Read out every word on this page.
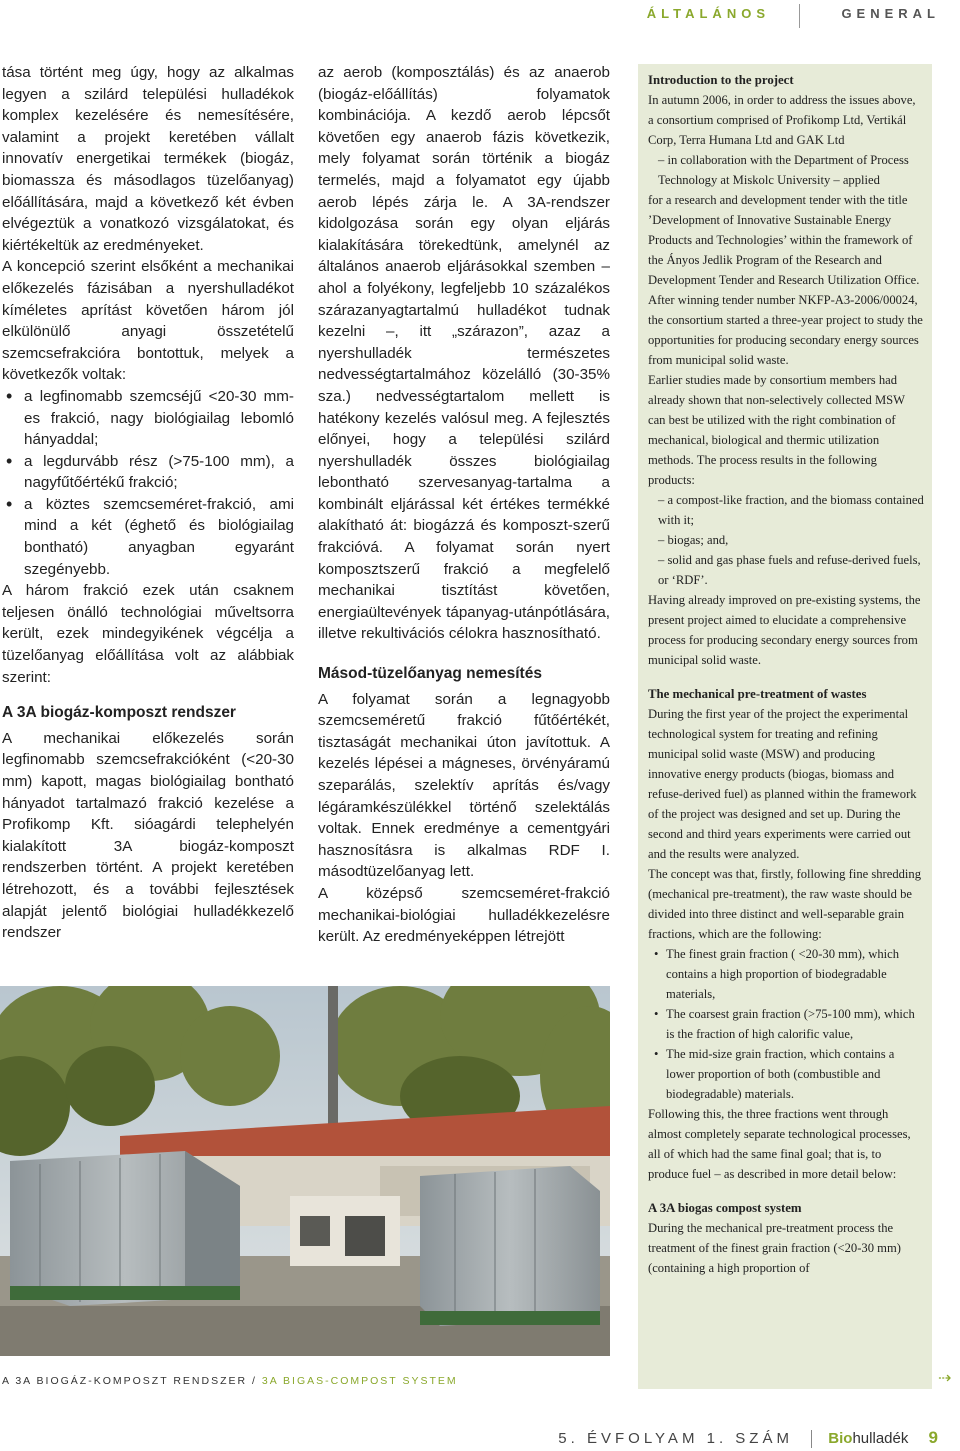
ÁLTALÁNOS	GENERAL

tása történt meg úgy, hogy az alkalmas legyen a szilárd települési hulladékok komplex kezelésére és nemesítésére, valamint a projekt keretében vállalt innovatív energetikai termékek (biogáz, biomassza és másodlagos tüzelőanyag) előállítására, majd a következő két évben elvégeztük a vonatkozó vizsgálatokat, és kiértékeltük az eredményeket.

A koncepció szerint elsőként a mechanikai előkezelés fázisában a nyershulladékot kíméletes aprítást követően három jól elkülönülő anyagi összetételű szemcsefrakcióra bontottuk, melyek a következők voltak:

• a legfinomabb szemcséjű <20-30 mm-es frakció, nagy biológiailag lebomló hányaddal;
• a legdurvább rész (>75-100 mm), a nagyfűtőértékű frakció;
• a köztes szemcseméret-frakció, ami mind a két (éghető és biológiailag bontható) anyagban egyaránt szegényebb.

A három frakció ezek után csaknem teljesen önálló technológiai műveltsorra került, ezek mindegyikének végcélja a tüzelőanyag előállítása volt az alábbiak szerint:

A 3A biogáz-komposzt rendszer

A mechanikai előkezelés során legfinomabb szemcsefrakcióként (<20-30 mm) kapott, magas biológiailag bontható hányadot tartalmazó frakció kezelése a Profikomp Kft. sióagárdi telephelyén kialakított 3A biogáz-komposzt rendszerben történt. A projekt keretében létrehozott, és a további fejlesztések alapját jelentő biológiai hulladékkezelő rendszer

az aerob (komposztálás) és az anaerob (biogáz-előállítás) folyamatok kombinációja. A kezdő aerob lépcsőt követően egy anaerob fázis következik, mely folyamat során történik a biogáz termelés, majd a folyamatot egy újabb aerob lépés zárja le. A 3A-rendszer kidolgozása során egy olyan eljárás kialakítására törekedtünk, amelynél az általános anaerob eljárásokkal szemben – ahol a folyékony, legfeljebb 10 százalékos szárazanyagtartalmú hulladékot tudnak kezelni –, itt „szárazon”, azaz a nyershulladék természetes nedvességtartalmához közelálló (30-35% sza.) nedvességtartalom mellett is hatékony kezelés valósul meg. A fejlesztés előnyei, hogy a települési szilárd nyershulladék összes biológiailag lebontható szervesanyag-tartalma a kombinált eljárással két értékes termékké alakítható át: biogázzá és komposzt-szerű frakcióvá. A folyamat során nyert komposztszerű frakció a megfelelő mechanikai tisztítást követően, energiaültevények tápanyag-utánpótlására, illetve rekultivációs célokra hasznosítható.

Másod-tüzelőanyag nemesítés

A folyamat során a legnagyobb szemcseméretű frakció fűtőértékét, tisztaságát mechanikai úton javítottuk. A kezelés lépései a mágneses, örvényáramú szeparálás, szelektív aprítás és/vagy légáramkészülékkel történő szelektálás voltak. Ennek eredménye a cementgyári hasznosításra is alkalmas RDF I. másodtüzelőanyag lett.

A középső szemcseméret-frakció mechanikai-biológiai hulladékkezelésre került. Az eredményeképpen létrejött

Introduction to the project

In autumn 2006, in order to address the issues above, a consortium comprised of Profikomp Ltd, Vertikál Corp, Terra Humana Ltd and GAK Ltd

– in collaboration with the Department of Process Technology at Miskolc University – applied

for a research and development tender with the title ’Development of Innovative Sustainable Energy Products and Technologies’ within the framework of the Ányos Jedlik Program of the Research and Development Tender and Research Utilization Office. After winning tender number NKFP-A3-2006/00024, the consortium started a three-year project to study the opportunities for producing secondary energy sources from municipal solid waste.

Earlier studies made by consortium members had already shown that non-selectively collected MSW can best be utilized with the right combination of mechanical, biological and thermic utilization methods. The process results in the following products:

– a compost-like fraction, and the biomass contained with it;

– biogas; and,

– solid and gas phase fuels and refuse-derived fuels, or ‘RDF’.

Having already improved on pre-existing systems, the present project aimed to elucidate a comprehensive process for producing secondary energy sources from municipal solid waste.

The mechanical pre-treatment of wastes

During the first year of the project the experimental technological system for treating and refining municipal solid waste (MSW) and producing innovative energy products (biogas, biomass and refuse-derived fuel) as planned within the framework of the project was designed and set up. During the second and third years experiments were carried out and the results were analyzed.

The concept was that, firstly, following fine shredding (mechanical pre-treatment), the raw waste should be divided into three distinct and well-separable grain fractions, which are the following:

• The finest grain fraction ( <20-30 mm), which contains a high proportion of biodegradable materials,
• The coarsest grain fraction (>75-100 mm), which is the fraction of high calorific value,
• The mid-size grain fraction, which contains a lower proportion of both (combustible and biodegradable) materials.

Following this, the three fractions went through almost completely separate technological processes, all of which had the same final goal; that is, to produce fuel – as described in more detail below:

A 3A biogas compost system

During the mechanical pre-treatment process the treatment of the finest grain fraction (<20-30 mm) (containing a high proportion of

A 3A BIOGÁZ-KOMPOSZT RENDSZER / 3A BIGAS-COMPOST SYSTEM	⇢
5. ÉVFOLYAM 1. SZÁM Biohulladék 9
